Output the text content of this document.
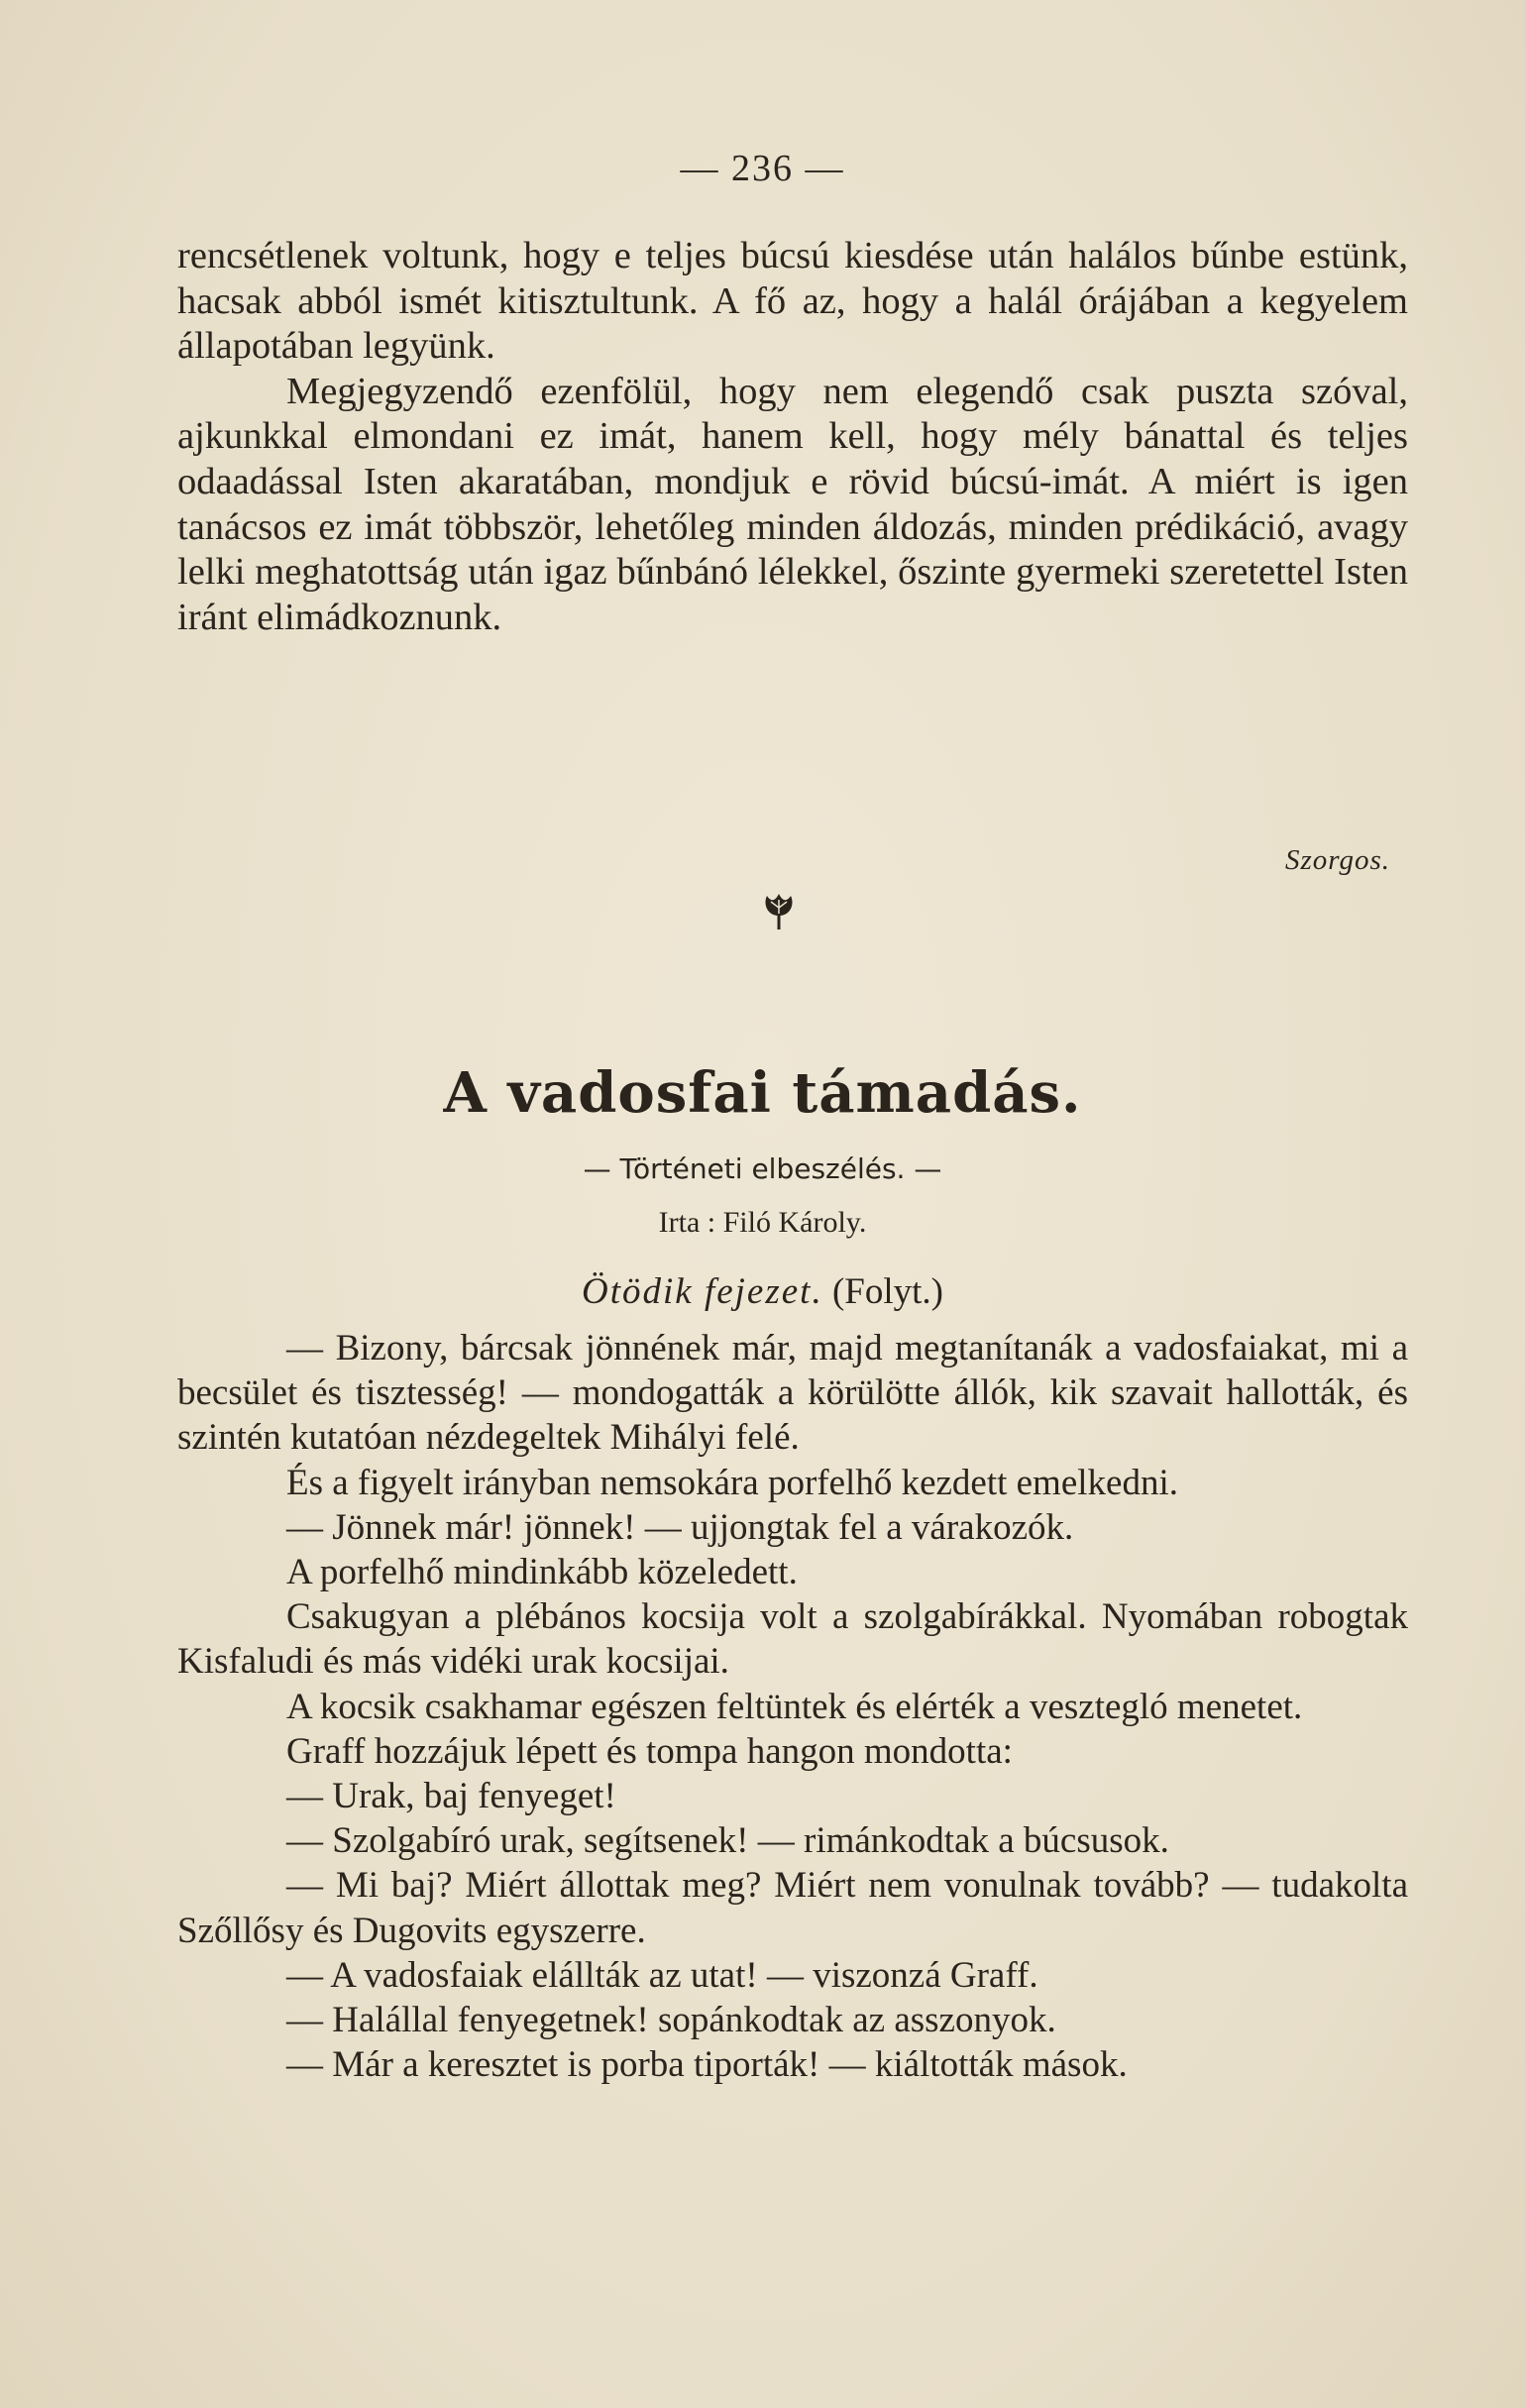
— 236 —

rencsétlenek voltunk, hogy e teljes búcsú kiesdése után halálos bűnbe estünk, hacsak abból ismét kitisztultunk. A fő az, hogy a halál órájában a kegyelem állapotában legyünk.

Megjegyzendő ezenfölül, hogy nem elegendő csak puszta szóval, ajkunkkal elmondani ez imát, hanem kell, hogy mély bánattal és teljes odaadással Isten akaratában, mondjuk e rövid búcsú-imát. A miért is igen tanácsos ez imát többször, lehetőleg minden áldozás, minden prédikáció, avagy lelki meghatottság után igaz bűnbánó lélekkel, őszinte gyermeki szeretettel Isten iránt elimádkoznunk.

Szorgos.
A vadosfai támadás.
— Történeti elbeszélés. —
Irta : Filó Károly.
Ötödik fejezet. (Folyt.)

— Bizony, bárcsak jönnének már, majd megtanítanák a vadosfaiakat, mi a becsület és tisztesség! — mondogatták a körülötte állók, kik szavait hallották, és szintén kutatóan nézdegeltek Mihályi felé.

És a figyelt irányban nemsokára porfelhő kezdett emelkedni.

— Jönnek már! jönnek! — ujjongtak fel a várakozók.

A porfelhő mindinkább közeledett.

Csakugyan a plébános kocsija volt a szolgabírákkal. Nyomában robogtak Kisfaludi és más vidéki urak kocsijai.

A kocsik csakhamar egészen feltüntek és elérték a vesztegló menetet.

Graff hozzájuk lépett és tompa hangon mondotta:

— Urak, baj fenyeget!

— Szolgabíró urak, segítsenek! — rimánkodtak a búcsusok.

— Mi baj? Miért állottak meg? Miért nem vonulnak tovább? — tudakolta Szőllősy és Dugovits egyszerre.

— A vadosfaiak elállták az utat! — viszonzá Graff.

— Halállal fenyegetnek! sopánkodtak az asszonyok.

— Már a keresztet is porba tiporták! — kiáltották mások.
